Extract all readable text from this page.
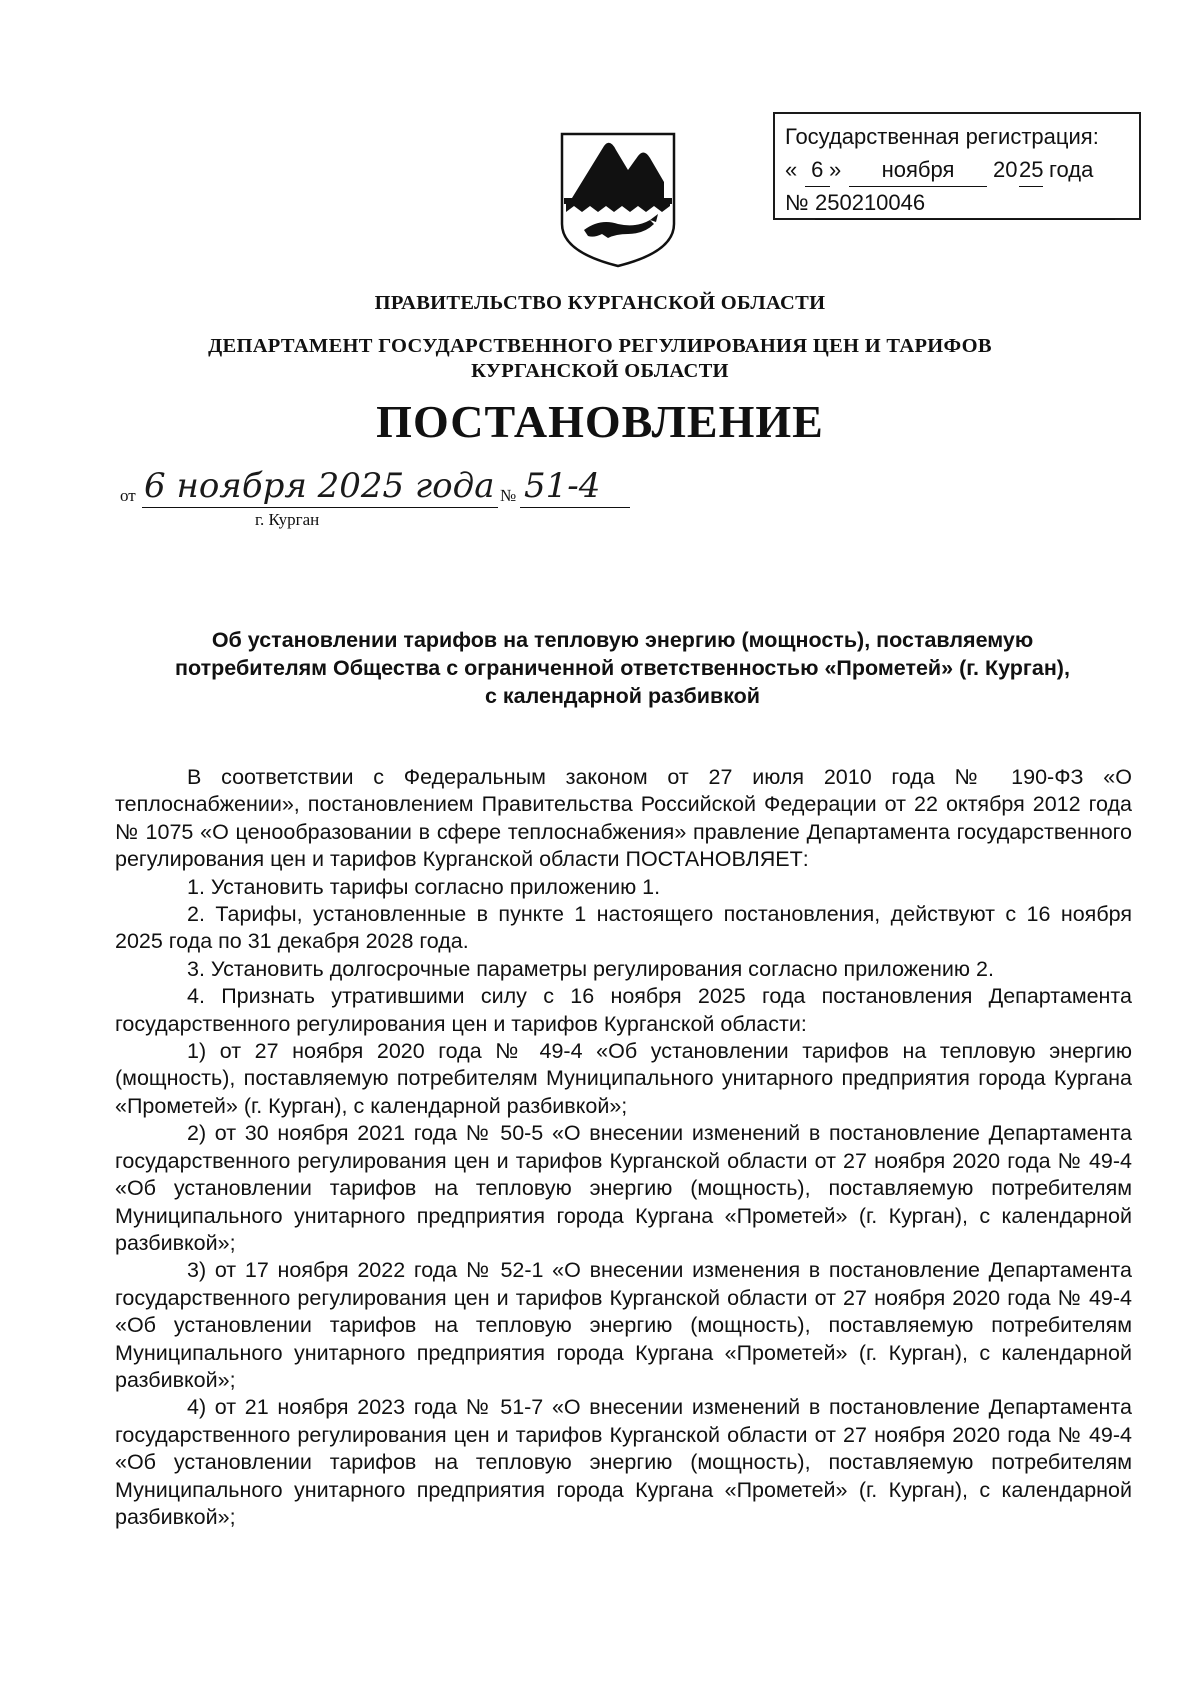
Государственная регистрация:
« 6 »	ноября	20 25 года
№ 250210046
ПРАВИТЕЛЬСТВО КУРГАНСКОЙ ОБЛАСТИ
ДЕПАРТАМЕНТ ГОСУДАРСТВЕННОГО РЕГУЛИРОВАНИЯ ЦЕН И ТАРИФОВ
КУРГАНСКОЙ ОБЛАСТИ
ПОСТАНОВЛЕНИЕ
от 6 ноября 2025 года № 51-4
г. Курган
Об установлении тарифов на тепловую энергию (мощность), поставляемую
потребителям Общества с ограниченной ответственностью «Прометей» (г. Курган),
с календарной разбивкой

В соответствии с Федеральным законом от 27 июля 2010 года № 190-ФЗ «О теплоснабжении», постановлением Правительства Российской Федерации от 22 октября 2012 года № 1075 «О ценообразовании в сфере теплоснабжения» правление Департамента государственного регулирования цен и тарифов Курганской области ПОСТАНОВЛЯЕТ:

1. Установить тарифы согласно приложению 1.

2. Тарифы, установленные в пункте 1 настоящего постановления, действуют с 16 ноября 2025 года по 31 декабря 2028 года.

3. Установить долгосрочные параметры регулирования согласно приложению 2.

4. Признать утратившими силу с 16 ноября 2025 года постановления Департамента государственного регулирования цен и тарифов Курганской области:

1) от 27 ноября 2020 года № 49-4 «Об установлении тарифов на тепловую энергию (мощность), поставляемую потребителям Муниципального унитарного предприятия города Кургана «Прометей» (г. Курган), с календарной разбивкой»;

2) от 30 ноября 2021 года № 50-5 «О внесении изменений в постановление Департамента государственного регулирования цен и тарифов Курганской области от 27 ноября 2020 года № 49-4 «Об установлении тарифов на тепловую энергию (мощность), поставляемую потребителям Муниципального унитарного предприятия города Кургана «Прометей» (г. Курган), с календарной разбивкой»;

3) от 17 ноября 2022 года № 52-1 «О внесении изменения в постановление Департамента государственного регулирования цен и тарифов Курганской области от 27 ноября 2020 года № 49-4 «Об установлении тарифов на тепловую энергию (мощность), поставляемую потребителям Муниципального унитарного предприятия города Кургана «Прометей» (г. Курган), с календарной разбивкой»;

4) от 21 ноября 2023 года № 51-7 «О внесении изменений в постановление Департамента государственного регулирования цен и тарифов Курганской области от 27 ноября 2020 года № 49-4 «Об установлении тарифов на тепловую энергию (мощность), поставляемую потребителям Муниципального унитарного предприятия города Кургана «Прометей» (г. Курган), с календарной разбивкой»;
